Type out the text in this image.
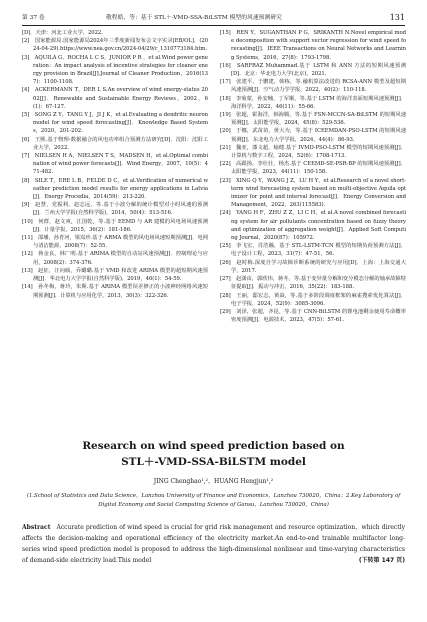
第 37 卷	敬程皓，等：基于 STL＋-VMD-SSA-BiLSTM 模型的风速预测研究	131

[D]．天津：河北工业大学，2022.

[2]　国家能源局.国家能源局2024年三季度新闻发布会文字实录[EB/OL]．(2024-04-29).https://www.nea.gov.cn/2024-04/29/c_1310773184.htm.

[3]　AQUILA G，ROCHA L C S，JUNIOR P R ，et al.Wind power generation：An impact analysis of incentive strategies for cleaner energy provision in Brazil[J].Journal of Cleaner Production，2016(137)：1100-1108.

[4]　ACKERMANN T，DER L S.An overview of wind energy-status 2002[J]．Renewable and Sustainable Energy Reviews，2002，6(1)：67-127.

[5]　SONG Z Y，TANG Y J，JI J K，et al.Evaluating a dendritic neuron model for wind speed forecasting[J]．Knowledge Based Systems，2020，201-202.

[6]　王熙.基于物理-数据融合的风电功率组合预测方法研究[D]．沈阳：沈阳工业大学，2022.

[7]　NIELSEN H A，NIELSEN T S，MADSEN H，et al.Optimal combination of wind power forecasts[J]．Wind Energy，2007，10(5)：471-482.

[8]　SILE T，ERE L B，FELDE D C，et al.Verification of numerical weather prediction model results for energy applications in Latvia[J]．Energy Procedia，2014(59)：213-220.

[9]　赵慧，党振利，赵志远，等.基于小波分解的统计模型对小时风速的预测[J]．兰州大学学报(自然科学版)，2014，50(4)：513-516.

[10]　何群，赵文爽，江国乾，等.基于 EEMD 与 AR 建模的风电场风速预测[J]．计量学报，2015，36(2)：181-186.

[11]　邵璠，孙育河，梁岚珍.基于 ARMA 模型的风电场风速短期预测[J]．电网与清洁能源，2008(7)：52-55.

[12]　蒋金良，林广明.基于 ARIMA 模型的自动站风速预测[J]．控制理论与应用，2008(2)：374-376.

[13]　赵征，汪向硕，乔璐璐.基于 VMD 和改进 ARIMA 模型的超短期风速预测[J]．华北电力大学学报(自然科学版)，2019，46(1)：54-59.

[14]　孙冬梅，蒋玲，朱斯.基于 ARIMA 模型误差修正的小波神经网络风速短期预测[J]．计算机与应用化学，2013，30(3)：322-326.

[15]　REN Y，SUGANTHAN P G，SRIKANTH N.Novel empirical mode decomposition with support vector regression for wind speed forecasting[J]．IEEE Transactions on Neural Networks and Learning Systems，2016，27(8)：1793-1798.

[16]　SARFRAZ Muhammad.基于 LSTM 和 ANN 方法的短期风速预测[D]．北京：华北电力大学(北京)，2021.

[17]　张建平，于鹏建，韩栋，等.融机算法改进的 RCSA-ANN 模型及超短期风速预测[J]．空气动力学学报，2022，40(2)：110-118.

[18]　李菊蒙，孙安楠，丁军顺，等.基于 LSTM 的海洋表面短期风速预测[J]．海洋科学，2022，46(11)：55-66.

[19]　张超，霍海洋，韩海腾，等.基于 FSN-MCCN-SA-BiLSTM 的短期风速预测[J]．太阳能学报，2024，45(8)：529-536.

[20]　于娜，武苗苗，黄大为，等.基于 ICEEMDAN-PSO-LSTM 的短期风速预测[J]．东北电力大学学报，2024，44(4)：86-93.

[21]　魏亚，漆文超，喻健.基于 IVMD-PSO-LSTM 模型的短期风速预测[J]．计算机与数字工程，2024，52(6)：1708-1713.

[22]　高跟扬，李壮壮，杨杰.基于 CEEMD-SE-PSR-BP 的短期风速预测[J]．太阳能学报，2023，44(11)：150-158.

[23]　XING Q Y，WANG J Z，LU H Y，et al.Research of a novel short-term wind forecasting system based on multi-objective Aquila optimizer for point and interval forecast[J]．Energy Conversion and Management，2022，263(115583).

[24]　YANG H F，ZHU Z Z，LI C H，et al.A novel combined forecasting system for air pollutants concentration based on fuzzy theory and optimization of aggregation weight[J]．Applied Soft Computing Journal，2020(87)：105972.

[25]　李飞宏，肖浩瀚，基于 STL-LSTM-TCN 模型的短期负荷预测方法[J]．电子设计工程，2023，31(7)：47-51，56.

[26]　赵时梅.深度自学习故障诊断系统的研究与应用[D]．上海：上海交通大学，2017.

[27]　赵潇由，郭欣伟，蒋冬，等.基于变异量分解和变分模态分解的轴承故障特征提取[J]．振动与冲击，2016，35(22)：183-188.

[28]　王丽，邸宏志，黄焱，等.基于多阶段调度框架的麻雀搜索优化算法[J]．电子学报，2024，52(9)：3085-3096.

[29]　刘泽，张超，齐昆，等.基于 CNN-BiLSTM 的锂电池剩余使用寿命概率密度预测[J]．电源技术，2023，47(5)：57-61.

Research on wind speed prediction based on
STL＋-VMD-SSA-BiLSTM model
JING Chenghao¹,²，HUANG Hengjun¹,²
(1.School of Statistics and Data Science，Lanzhou University of Finance and Economics，Lanzhou 730020，China；2.Key Laboratory of Digital Economy and Social Computing Science of Gansu，Lanzhou 730020，China)
Abstract Accurate prediction of wind speed is crucial for grid risk management and resource optimization，which directly affects the decision-making and operational efficiency of the electricity market.An end-to-end trainable multifactor long-series wind speed prediction model is proposed to address the high-dimensional nonlinear and time-varying characteristics of demand-side electricity load.This model	(下转第 147 页)
